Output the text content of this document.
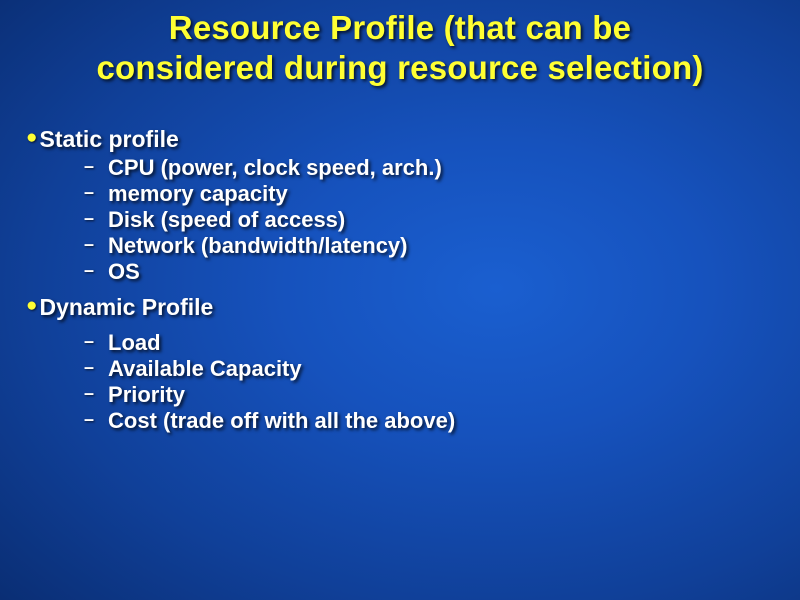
Resource Profile (that can be
considered during resource selection)
● Static profile
– CPU (power, clock speed, arch.)
– memory capacity
– Disk (speed of access)
– Network (bandwidth/latency)
– OS
● Dynamic Profile
– Load
– Available Capacity
– Priority
– Cost (trade off with all the above)
